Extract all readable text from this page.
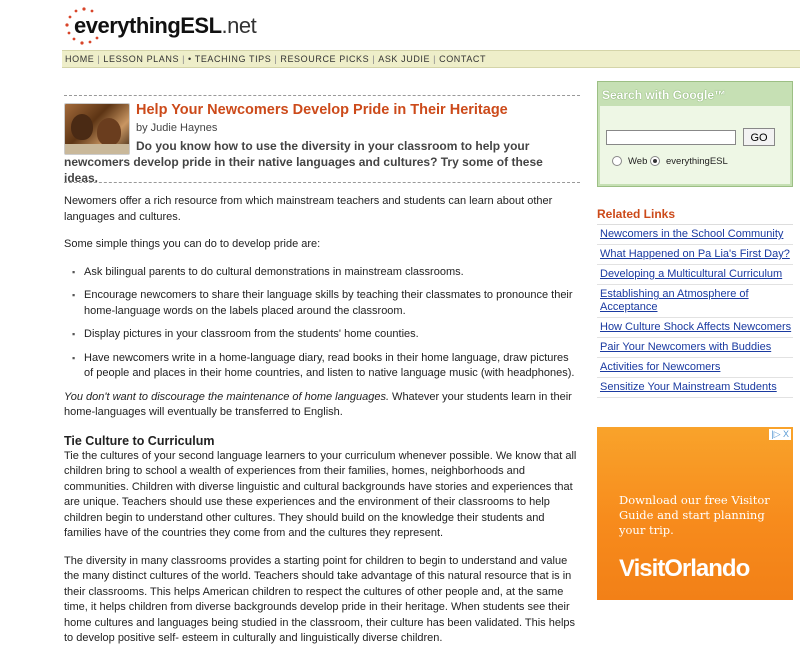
everythingESL.net
HOME | LESSON PLANS | • TEACHING TIPS | RESOURCE PICKS | ASK JUDIE | CONTACT
Help Your Newcomers Develop Pride in Their Heritage
by Judie Haynes
Do you know how to use the diversity in your classroom to help your newcomers develop pride in their native languages and cultures? Try some of these ideas.

Newomers offer a rich resource from which mainstream teachers and students can learn about other languages and cultures.

Some simple things you can do to develop pride are:

▪ Ask bilingual parents to do cultural demonstrations in mainstream classrooms.
▪ Encourage newcomers to share their language skills by teaching their classmates to pronounce their home-language words on the labels placed around the classroom.
▪ Display pictures in your classroom from the students' home counties.
▪ Have newcomers write in a home-language diary, read books in their home language, draw pictures of people and places in their home countries, and listen to native language music (with headphones).

You don't want to discourage the maintenance of home languages. Whatever your students learn in their home-languages will eventually be transferred to English.

Tie Culture to Curriculum

Tie the cultures of your second language learners to your curriculum whenever possible. We know that all children bring to school a wealth of experiences from their families, homes, neighborhoods and communities. Children with diverse linguistic and cultural backgrounds have stories and experiences that are unique. Teachers should use these experiences and the environment of their classrooms to help children begin to understand other cultures. They should build on the knowledge their students and families have of the countries they come from and the cultures they represent.

The diversity in many classrooms provides a starting point for children to begin to understand and value the many distinct cultures of the world. Teachers should take advantage of this natural resource that is in their classrooms. This helps American children to respect the cultures of other people and, at the same time, it helps children from diverse backgrounds develop pride in their heritage. When students see their home cultures and languages being studied in the classroom, their culture has been validated. This helps to develop positive self- esteem in culturally and linguistically diverse children.

Search with Google™
Web	everythingESL
GO
Related Links
Newcomers in the School Community
What Happened on Pa Lia's First Day?
Developing a Multicultural Curriculum
Establishing an Atmosphere of Acceptance
How Culture Shock Affects Newcomers
Pair Your Newcomers with Buddies
Activities for Newcomers
Sensitize Your Mainstream Students
|▷ X
Download our free Visitor Guide and start planning your trip.
VisitOrlando
